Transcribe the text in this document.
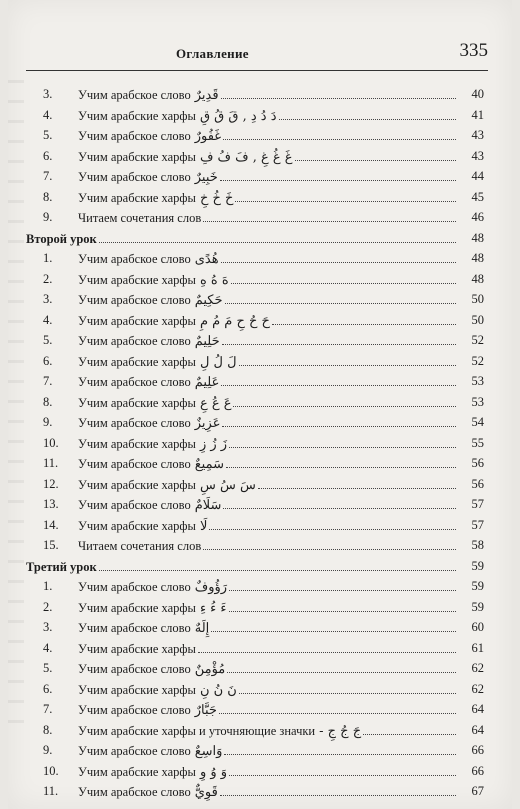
Оглавление	335
3.	Учим арабское слово قَدِيرٌ	40
4.	Учим арабские харфы دَ دُ دِ , قَ قُ قِ	41
5.	Учим арабское слово غَفُورٌ	43
6.	Учим арабские харфы غَ غُ غِ , فَ فُ فِ	43
7.	Учим арабское слово خَبِيرٌ	44
8.	Учим арабские харфы خَ خُ خِ	45
9.	Читаем сочетания слов	46
Второй урок	48
1.	Учим арабское слово هُدًى	48
2.	Учим арабские харфы هَ هُ هِ	48
3.	Учим арабское слово حَكِيمٌ	50
4.	Учим арабские харфы حَ حُ حِ مَ مُ مِ	50
5.	Учим арабское слово حَلِيمٌ	52
6.	Учим арабские харфы لَ لُ لِ	52
7.	Учим арабское слово عَلِيمٌ	53
8.	Учим арабские харфы عَ عُ عِ	53
9.	Учим арабское слово عَزِيزٌ	54
10.	Учим арабские харфы زَ زُ زِ	55
11.	Учим арабское слово سَمِيعٌ	56
12.	Учим арабские харфы سَ سُ سِ	56
13.	Учим арабское слово سَلَامٌ	57
14.	Учим арабские харфы لَا	57
15.	Читаем сочетания слов	58
Третий урок	59
1.	Учим арабское слово رَؤُوفٌ	59
2.	Учим арабские харфы ءَ ءُ ءِ	59
3.	Учим арабское слово إِلَهٌ	60
4.	Учим арабские харфы	61
5.	Учим арабское слово مُؤْمِنٌ	62
6.	Учим арабские харфы نَ نُ نِ	62
7.	Учим арабское слово جَبَّارٌ	64
8.	Учим арабские харфы и уточняющие значки جَ جُ جِ -	64
9.	Учим арабское слово وَاسِعٌ	66
10.	Учим арабские харфы وَ وُ وِ	66
11.	Учим арабское слово قَوِيٌّ	67
